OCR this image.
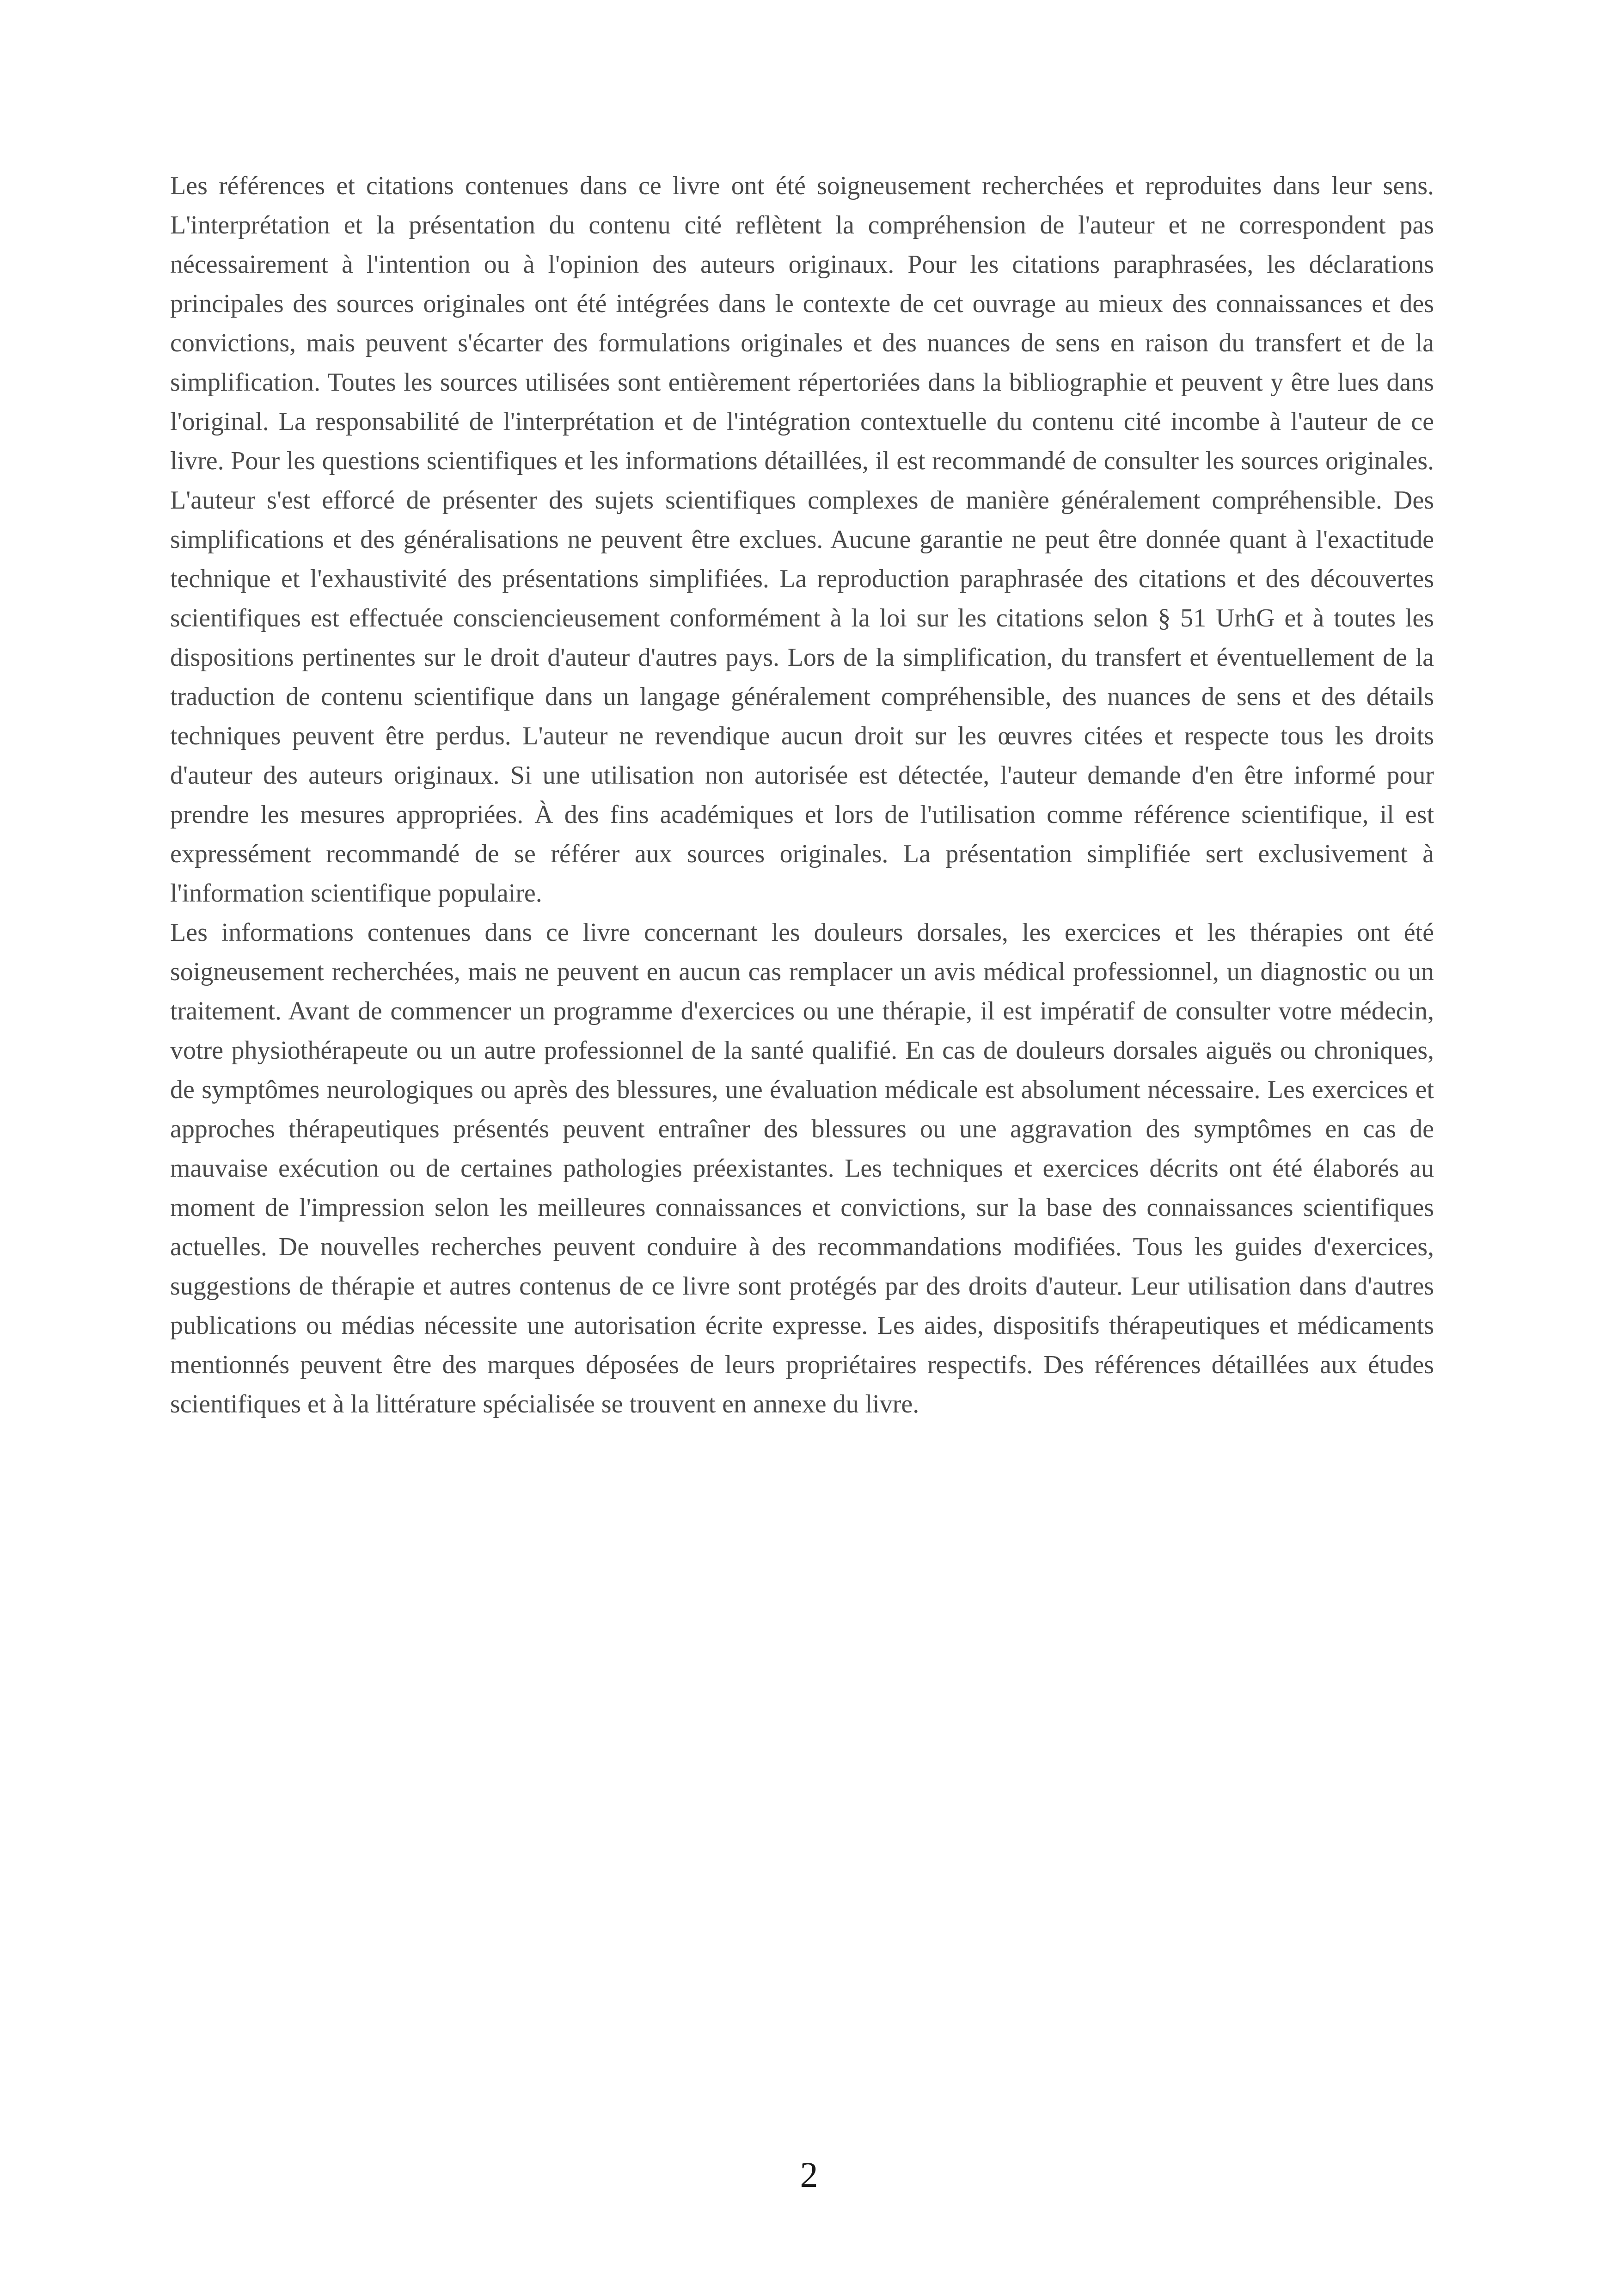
Les références et citations contenues dans ce livre ont été soigneusement recherchées et reproduites dans leur sens. L'interprétation et la présentation du contenu cité reflètent la compréhension de l'auteur et ne correspondent pas nécessairement à l'intention ou à l'opinion des auteurs originaux. Pour les citations paraphrasées, les déclarations principales des sources originales ont été intégrées dans le contexte de cet ouvrage au mieux des connaissances et des convictions, mais peuvent s'écarter des formulations originales et des nuances de sens en raison du transfert et de la simplification. Toutes les sources utilisées sont entièrement répertoriées dans la bibliographie et peuvent y être lues dans l'original. La responsabilité de l'interprétation et de l'intégration contextuelle du contenu cité incombe à l'auteur de ce livre. Pour les questions scientifiques et les informations détaillées, il est recommandé de consulter les sources originales. L'auteur s'est efforcé de présenter des sujets scientifiques complexes de manière généralement compréhensible. Des simplifications et des généralisations ne peuvent être exclues. Aucune garantie ne peut être donnée quant à l'exactitude technique et l'exhaustivité des présentations simplifiées. La reproduction paraphrasée des citations et des découvertes scientifiques est effectuée consciencieusement conformément à la loi sur les citations selon § 51 UrhG et à toutes les dispositions pertinentes sur le droit d'auteur d'autres pays. Lors de la simplification, du transfert et éventuellement de la traduction de contenu scientifique dans un langage généralement compréhensible, des nuances de sens et des détails techniques peuvent être perdus. L'auteur ne revendique aucun droit sur les œuvres citées et respecte tous les droits d'auteur des auteurs originaux. Si une utilisation non autorisée est détectée, l'auteur demande d'en être informé pour prendre les mesures appropriées. À des fins académiques et lors de l'utilisation comme référence scientifique, il est expressément recommandé de se référer aux sources originales. La présentation simplifiée sert exclusivement à l'information scientifique populaire.

Les informations contenues dans ce livre concernant les douleurs dorsales, les exercices et les thérapies ont été soigneusement recherchées, mais ne peuvent en aucun cas remplacer un avis médical professionnel, un diagnostic ou un traitement. Avant de commencer un programme d'exercices ou une thérapie, il est impératif de consulter votre médecin, votre physiothérapeute ou un autre professionnel de la santé qualifié. En cas de douleurs dorsales aiguës ou chroniques, de symptômes neurologiques ou après des blessures, une évaluation médicale est absolument nécessaire. Les exercices et approches thérapeutiques présentés peuvent entraîner des blessures ou une aggravation des symptômes en cas de mauvaise exécution ou de certaines pathologies préexistantes. Les techniques et exercices décrits ont été élaborés au moment de l'impression selon les meilleures connaissances et convictions, sur la base des connaissances scientifiques actuelles. De nouvelles recherches peuvent conduire à des recommandations modifiées. Tous les guides d'exercices, suggestions de thérapie et autres contenus de ce livre sont protégés par des droits d'auteur. Leur utilisation dans d'autres publications ou médias nécessite une autorisation écrite expresse. Les aides, dispositifs thérapeutiques et médicaments mentionnés peuvent être des marques déposées de leurs propriétaires respectifs. Des références détaillées aux études scientifiques et à la littérature spécialisée se trouvent en annexe du livre.

2
